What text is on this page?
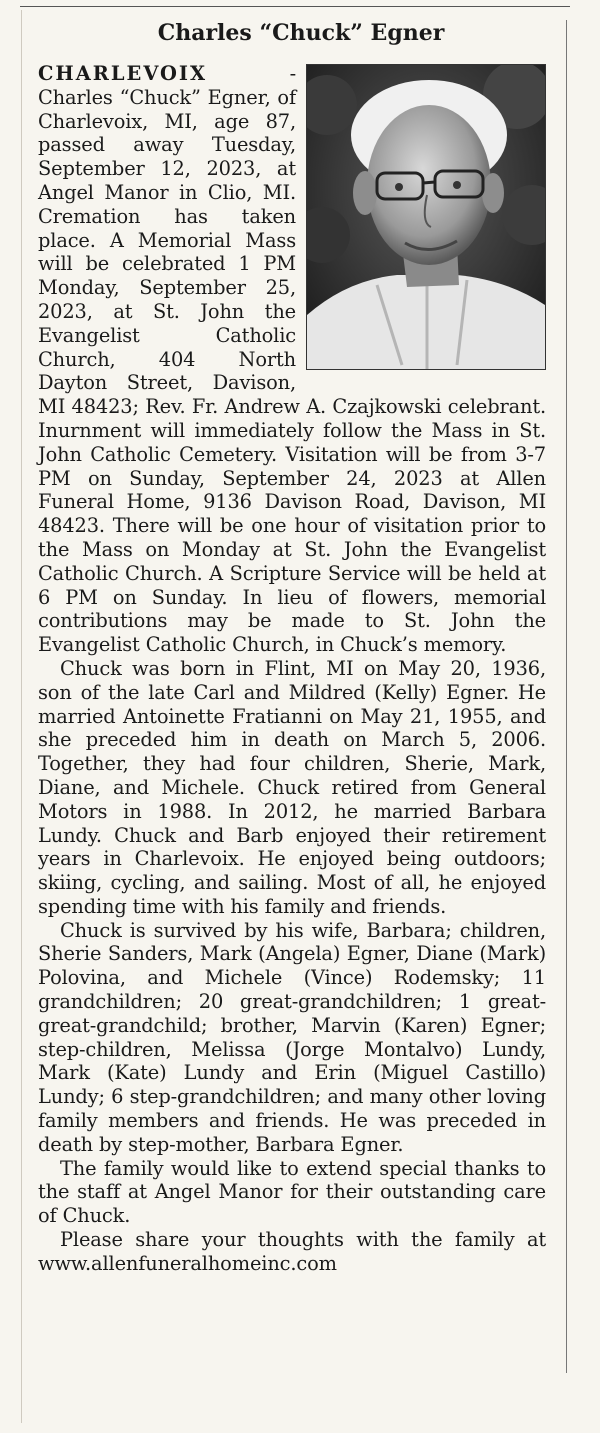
Charles “Chuck” Egner

CHARLEVOIX - Charles “Chuck” Egner, of Charlevoix, MI, age 87, passed away Tuesday, September 12, 2023, at Angel Manor in Clio, MI. Cremation has taken place. A Memorial Mass will be celebrated 1 PM Monday, September 25, 2023, at St. John the Evangelist Catholic Church, 404 North Dayton Street, Davison, MI 48423; Rev. Fr. Andrew A. Czajkowski celebrant. Inurnment will immediately follow the Mass in St. John Catholic Cemetery. Visitation will be from 3-7 PM on Sunday, September 24, 2023 at Allen Funeral Home, 9136 Davison Road, Davison, MI 48423. There will be one hour of visitation prior to the Mass on Monday at St. John the Evangelist Catholic Church. A Scripture Service will be held at 6 PM on Sunday. In lieu of flowers, memorial contributions may be made to St. John the Evangelist Catholic Church, in Chuck’s memory.

Chuck was born in Flint, MI on May 20, 1936, son of the late Carl and Mildred (Kelly) Egner. He married Antoinette Fratianni on May 21, 1955, and she preceded him in death on March 5, 2006. Together, they had four children, Sherie, Mark, Diane, and Michele. Chuck retired from General Motors in 1988. In 2012, he married Barbara Lundy. Chuck and Barb enjoyed their retirement years in Charlevoix. He enjoyed being outdoors; skiing, cycling, and sailing. Most of all, he enjoyed spending time with his family and friends.

Chuck is survived by his wife, Barbara; children, Sherie Sanders, Mark (Angela) Egner, Diane (Mark) Polovina, and Michele (Vince) Rodemsky; 11 grandchildren; 20 great-grandchildren; 1 great-great-grandchild; brother, Marvin (Karen) Egner; step-children, Melissa (Jorge Montalvo) Lundy, Mark (Kate) Lundy and Erin (Miguel Castillo) Lundy; 6 step-grandchildren; and many other loving family members and friends. He was preceded in death by step-mother, Barbara Egner.

The family would like to extend special thanks to the staff at Angel Manor for their outstanding care of Chuck.

Please share your thoughts with the family at www.allenfuneralhomeinc.com
